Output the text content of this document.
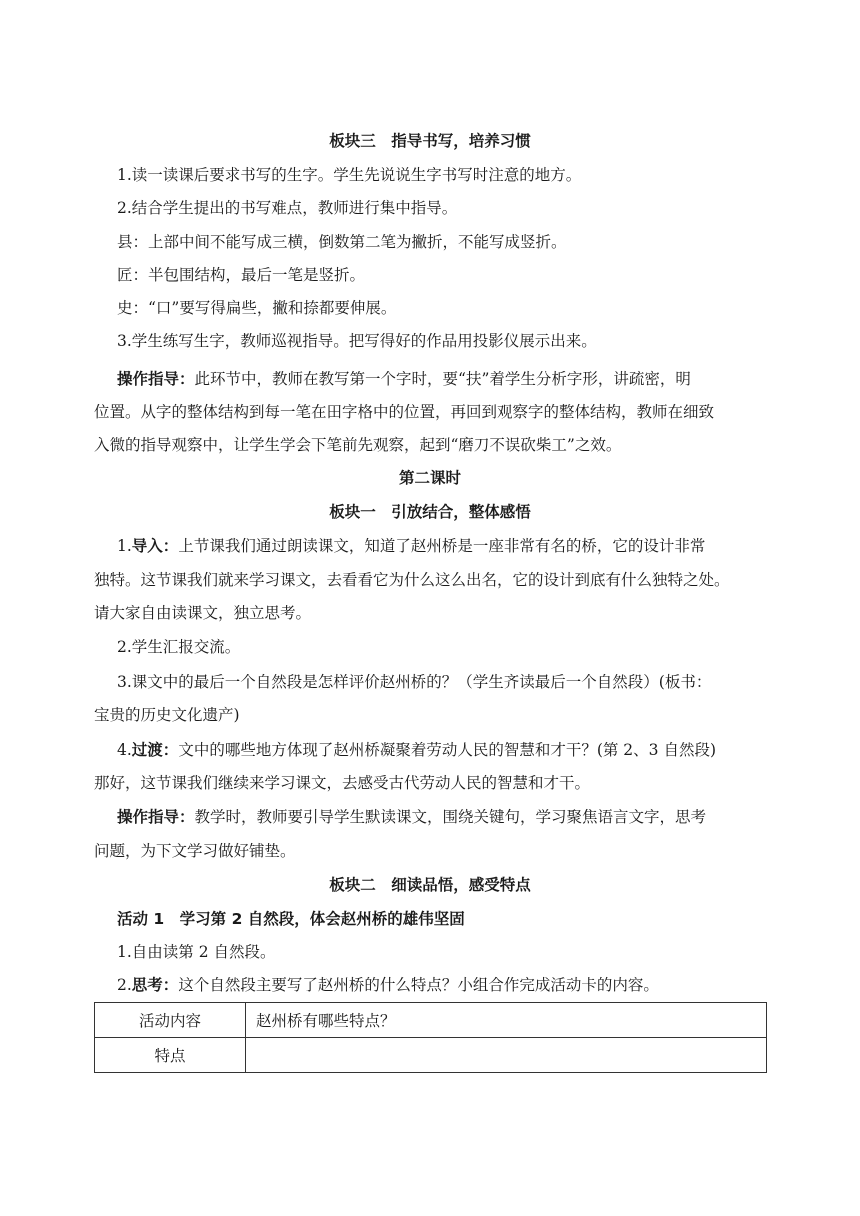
板块三　指导书写，培养习惯
1.读一读课后要求书写的生字。学生先说说生字书写时注意的地方。
2.结合学生提出的书写难点，教师进行集中指导。
县：上部中间不能写成三横，倒数第二笔为撇折，不能写成竖折。
匠：半包围结构，最后一笔是竖折。
史：“口”要写得扁些，撇和捺都要伸展。
3.学生练写生字，教师巡视指导。把写得好的作品用投影仪展示出来。
操作指导：此环节中，教师在教写第一个字时，要“扶”着学生分析字形，讲疏密，明
位置。从字的整体结构到每一笔在田字格中的位置，再回到观察字的整体结构，教师在细致
入微的指导观察中，让学生学会下笔前先观察，起到“磨刀不误砍柴工”之效。
第二课时
板块一　引放结合，整体感悟
1.导入：上节课我们通过朗读课文，知道了赵州桥是一座非常有名的桥，它的设计非常
独特。这节课我们就来学习课文，去看看它为什么这么出名，它的设计到底有什么独特之处。
请大家自由读课文，独立思考。
2.学生汇报交流。
3.课文中的最后一个自然段是怎样评价赵州桥的？（学生齐读最后一个自然段）(板书：
宝贵的历史文化遗产)
4.过渡：文中的哪些地方体现了赵州桥凝聚着劳动人民的智慧和才干？(第 2、3 自然段)
那好，这节课我们继续来学习课文，去感受古代劳动人民的智慧和才干。
操作指导：教学时，教师要引导学生默读课文，围绕关键句，学习聚焦语言文字，思考
问题，为下文学习做好铺垫。
板块二　细读品悟，感受特点
活动 1　学习第 2 自然段，体会赵州桥的雄伟坚固
1.自由读第 2 自然段。
2.思考：这个自然段主要写了赵州桥的什么特点？小组合作完成活动卡的内容。
活动内容	赵州桥有哪些特点？
特点	
